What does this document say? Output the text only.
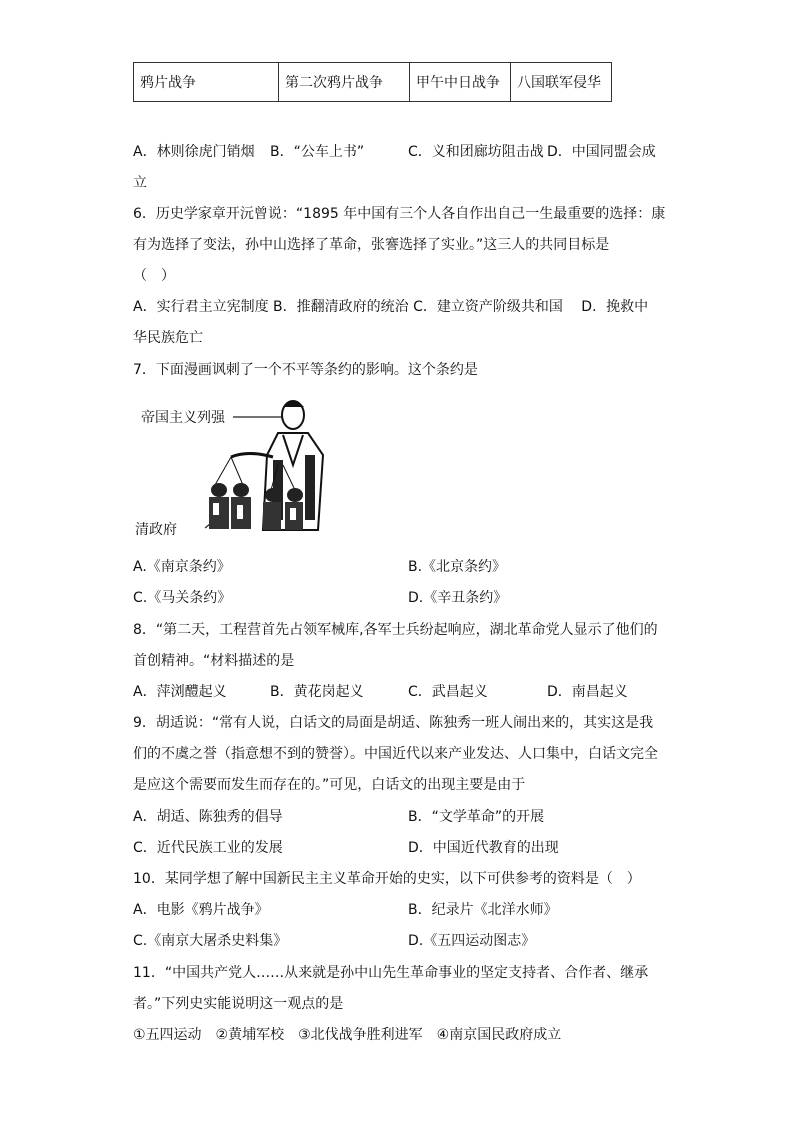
鸦片战争	第二次鸦片战争	甲午中日战争	八国联军侵华
A．林则徐虎门销烟 B．“公车上书”	C．义和团廊坊阻击战 D．中国同盟会成
立
6．历史学家章开沅曾说：“1895 年中国有三个人各自作出自己一生最重要的选择：康
有为选择了变法，孙中山选择了革命，张謇选择了实业。”这三人的共同目标是
（　）
A．实行君主立宪制度 B．推翻清政府的统治 C．建立资产阶级共和国　 D．挽救中
华民族危亡
7．下面漫画讽刺了一个不平等条约的影响。这个条约是
帝国主义列强
清政府
A.《南京条约》	B.《北京条约》
C.《马关条约》	D.《辛丑条约》
8．“第二天，工程营首先占领军械库,各军士兵纷起响应，湖北革命党人显示了他们的
首创精神。“材料描述的是
A．萍浏醴起义	B．黄花岗起义	C．武昌起义	D．南昌起义
9．胡适说：“常有人说，白话文的局面是胡适、陈独秀一班人闹出来的，其实这是我
们的不虞之誉（指意想不到的赞誉）。中国近代以来产业发达、人口集中，白话文完全
是应这个需要而发生而存在的。”可见，白话文的出现主要是由于
A．胡适、陈独秀的倡导	B．“文学革命”的开展
C．近代民族工业的发展	D．中国近代教育的出现
10．某同学想了解中国新民主主义革命开始的史实，以下可供参考的资料是（　）
A．电影《鸦片战争》	B．纪录片《北洋水师》
C.《南京大屠杀史料集》	D.《五四运动图志》
11．“中国共产党人……从来就是孙中山先生革命事业的坚定支持者、合作者、继承
者。”下列史实能说明这一观点的是
①五四运动　②黄埔军校　③北伐战争胜利进军　④南京国民政府成立
